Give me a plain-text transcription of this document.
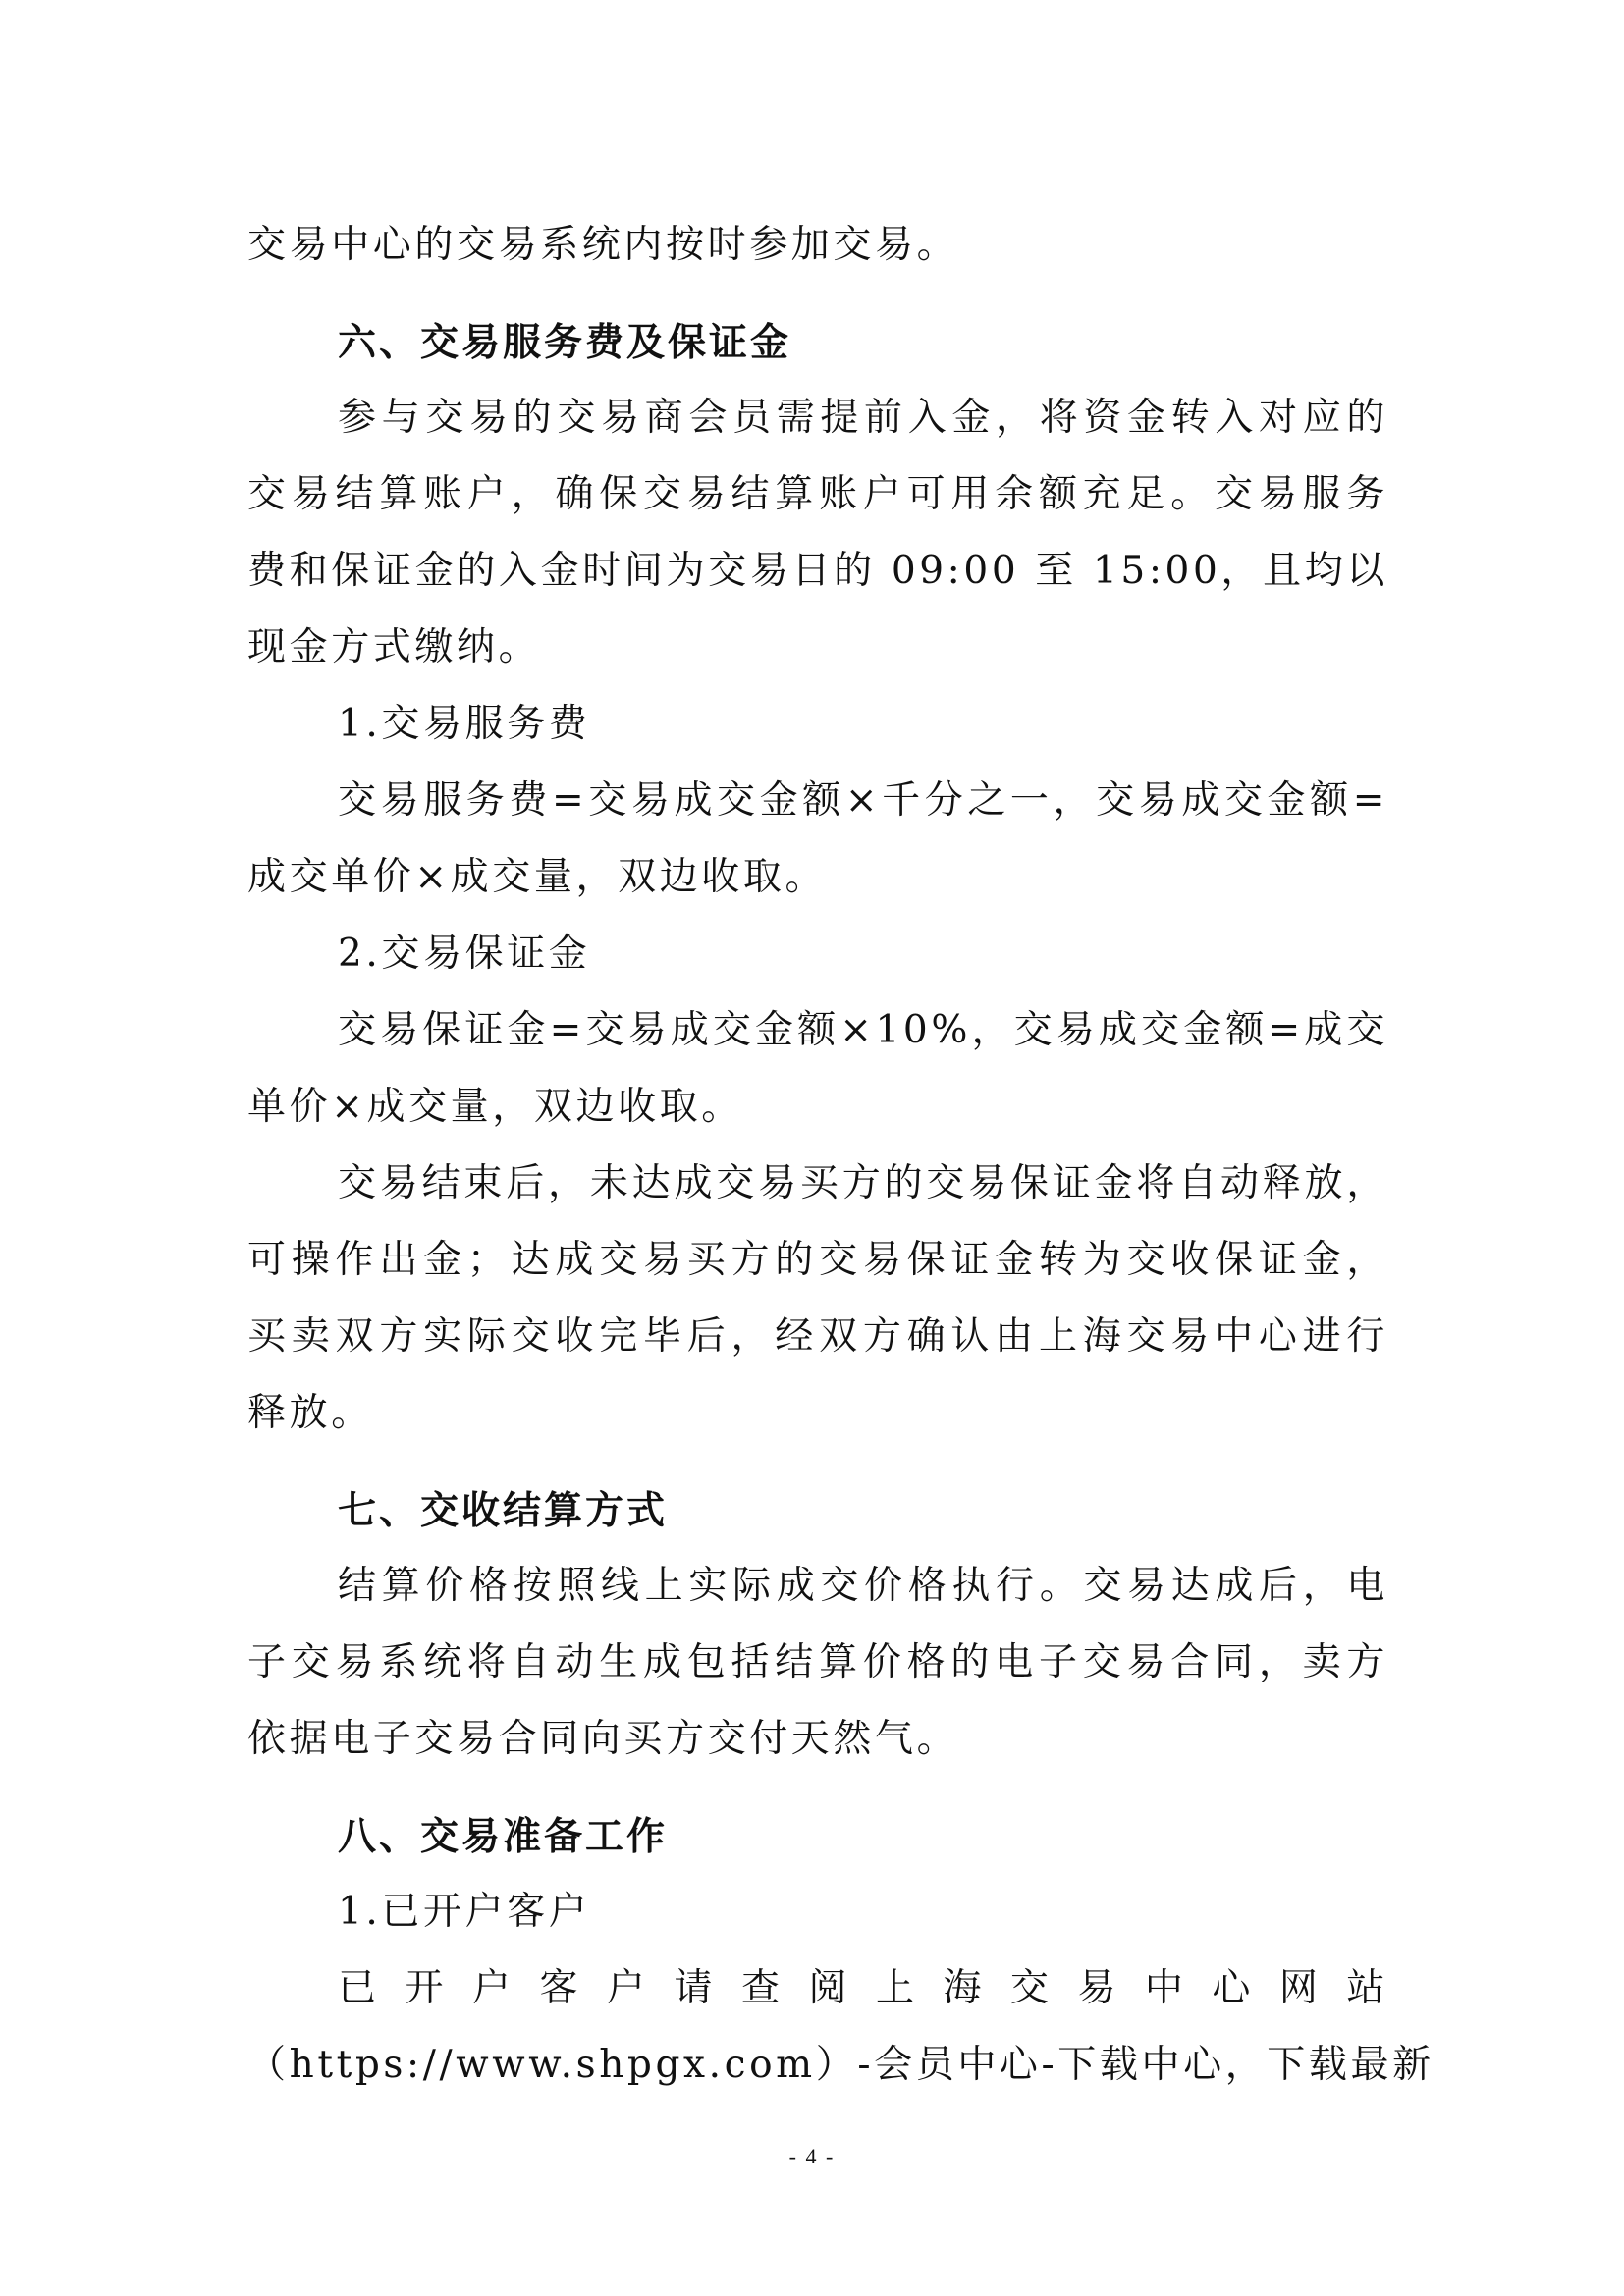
交易中心的交易系统内按时参加交易。
六、交易服务费及保证金
参与交易的交易商会员需提前入金，将资金转入对应的
交易结算账户，确保交易结算账户可用余额充足。交易服务
费和保证金的入金时间为交易日的 09:00 至 15:00，且均以
现金方式缴纳。
1.交易服务费
交易服务费=交易成交金额×千分之一，交易成交金额=
成交单价×成交量，双边收取。
2.交易保证金
交易保证金=交易成交金额×10%，交易成交金额=成交
单价×成交量，双边收取。
交易结束后，未达成交易买方的交易保证金将自动释放，
可操作出金；达成交易买方的交易保证金转为交收保证金，
买卖双方实际交收完毕后，经双方确认由上海交易中心进行
释放。
七、交收结算方式
结算价格按照线上实际成交价格执行。交易达成后，电
子交易系统将自动生成包括结算价格的电子交易合同，卖方
依据电子交易合同向买方交付天然气。
八、交易准备工作
1.已开户客户
已开户客户请查阅上海交易中心网站
（https://www.shpgx.com）-会员中心-下载中心，下载最新
- 4 -
